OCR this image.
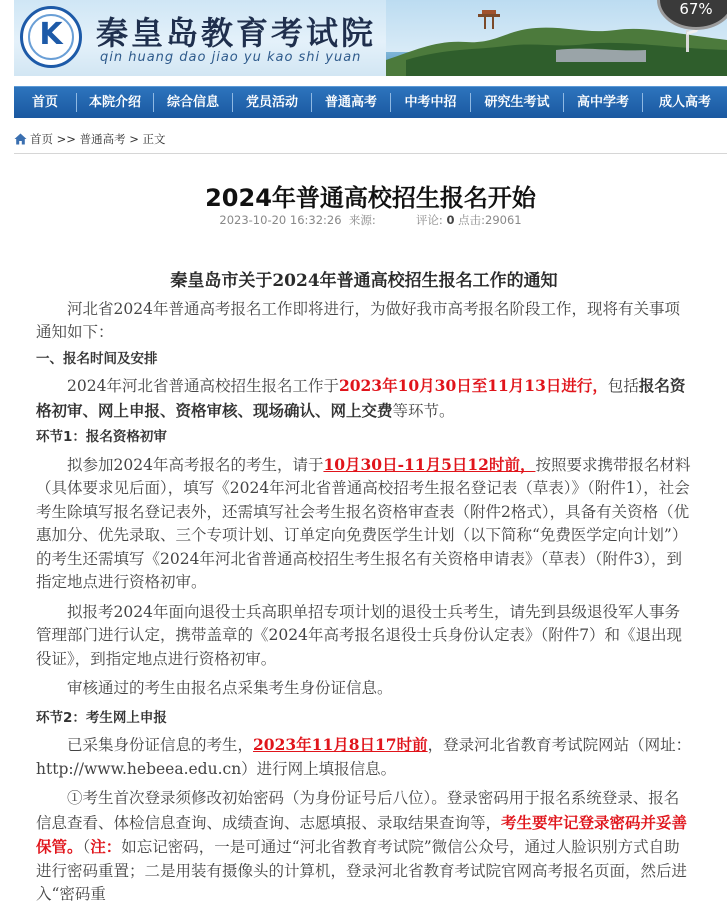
K	秦皇岛教育考试院
qin huang dao jiao yu kao shi yuan
67%
首页	本院介绍	综合信息	党员活动	普通高考	中考中招	研究生考试	高中学考	成人高考
首页 >> 普通高考 > 正文
2024年普通高校招生报名开始
2023-10-20 16:32:26 来源:	评论: 0 点击:29061

秦皇岛市关于2024年普通高校招生报名工作的通知

河北省2024年普通高考报名工作即将进行，为做好我市高考报名阶段工作，现将有关事项通知如下：

一、报名时间及安排

2024年河北省普通高校招生报名工作于2023年10月30日至11月13日进行，包括报名资格初审、网上申报、资格审核、现场确认、网上交费等环节。

环节1：报名资格初审

拟参加2024年高考报名的考生，请于10月30日-11月5日12时前，按照要求携带报名材料（具体要求见后面），填写《2024年河北省普通高校招考生报名登记表（草表）》（附件1），社会考生除填写报名登记表外，还需填写社会考生报名资格审查表（附件2格式），具备有关资格（优惠加分、优先录取、三个专项计划、订单定向免费医学生计划（以下简称“免费医学定向计划”）的考生还需填写《2024年河北省普通高校招生考生报名有关资格申请表》（草表）（附件3），到指定地点进行资格初审。

拟报考2024年面向退役士兵高职单招专项计划的退役士兵考生，请先到县级退役军人事务管理部门进行认定，携带盖章的《2024年高考报名退役士兵身份认定表》（附件7）和《退出现役证》，到指定地点进行资格初审。

审核通过的考生由报名点采集考生身份证信息。

环节2：考生网上申报

已采集身份证信息的考生，2023年11月8日17时前，登录河北省教育考试院网站（网址：http://www.hebeea.edu.cn）进行网上填报信息。

①考生首次登录须修改初始密码（为身份证号后八位）。登录密码用于报名系统登录、报名信息查看、体检信息查询、成绩查询、志愿填报、录取结果查询等，考生要牢记登录密码并妥善保管。（注：如忘记密码，一是可通过“河北省教育考试院”微信公众号，通过人脸识别方式自助进行密码重置；二是用装有摄像头的计算机，登录河北省教育考试院官网高考报名页面，然后进入“密码重
